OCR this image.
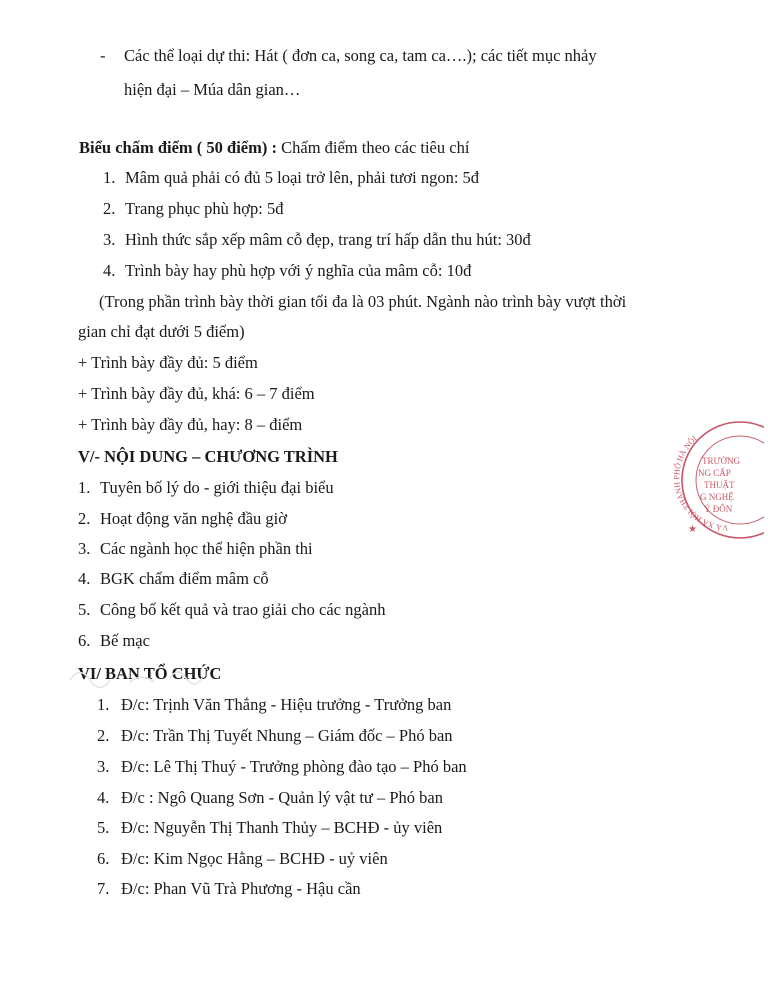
- Các thể loại dự thi: Hát ( đơn ca, song ca, tam ca….); các tiết mục nhảy
hiện đại – Múa dân gian…
Biểu chấm điểm ( 50 điểm) : Chấm điểm theo các tiêu chí
1. Mâm quả phải có đủ 5 loại trở lên, phải tươi ngon: 5đ
2. Trang phục phù hợp: 5đ
3. Hình thức sắp xếp mâm cỗ đẹp, trang trí hấp dẫn thu hút: 30đ
4. Trình bày hay phù hợp với ý nghĩa của mâm cỗ: 10đ
(Trong phần trình bày thời gian tối đa là 03 phút. Ngành nào trình bày vượt thời
gian chỉ đạt dưới 5 điểm)
+ Trình bày đầy đủ: 5 điểm
+ Trình bày đầy đủ, khá: 6 – 7 điểm
+ Trình bày đầy đủ, hay: 8 – điểm
V/- NỘI DUNG – CHƯƠNG TRÌNH
1. Tuyên bố lý do - giới thiệu đại biểu
2. Hoạt động văn nghệ đầu giờ
3. Các ngành học thể hiện phần thi
4. BGK chấm điểm mâm cỗ
5. Công bố kết quả và trao giải cho các ngành
6. Bế mạc
VI/ BAN TỔ CHỨC
1. Đ/c: Trịnh Văn Thắng - Hiệu trưởng - Trưởng ban
2. Đ/c: Trần Thị Tuyết Nhung – Giám đốc – Phó ban
3. Đ/c: Lê Thị Thuý - Trưởng phòng đào tạo – Phó ban
4. Đ/c : Ngô Quang Sơn - Quản lý vật tư – Phó ban
5. Đ/c: Nguyễn Thị Thanh Thủy – BCHĐ - ủy viên
6. Đ/c: Kim Ngọc Hằng – BCHĐ - uỷ viên
7. Đ/c: Phan Vũ Trà Phương - Hậu cần
VÀ XÃ HỘI THÀNH PHỐ HÀ NỘI
TRƯỜNG
NG CẤP
THUẬT
G NGHỆ
Ý ĐÔN
★
